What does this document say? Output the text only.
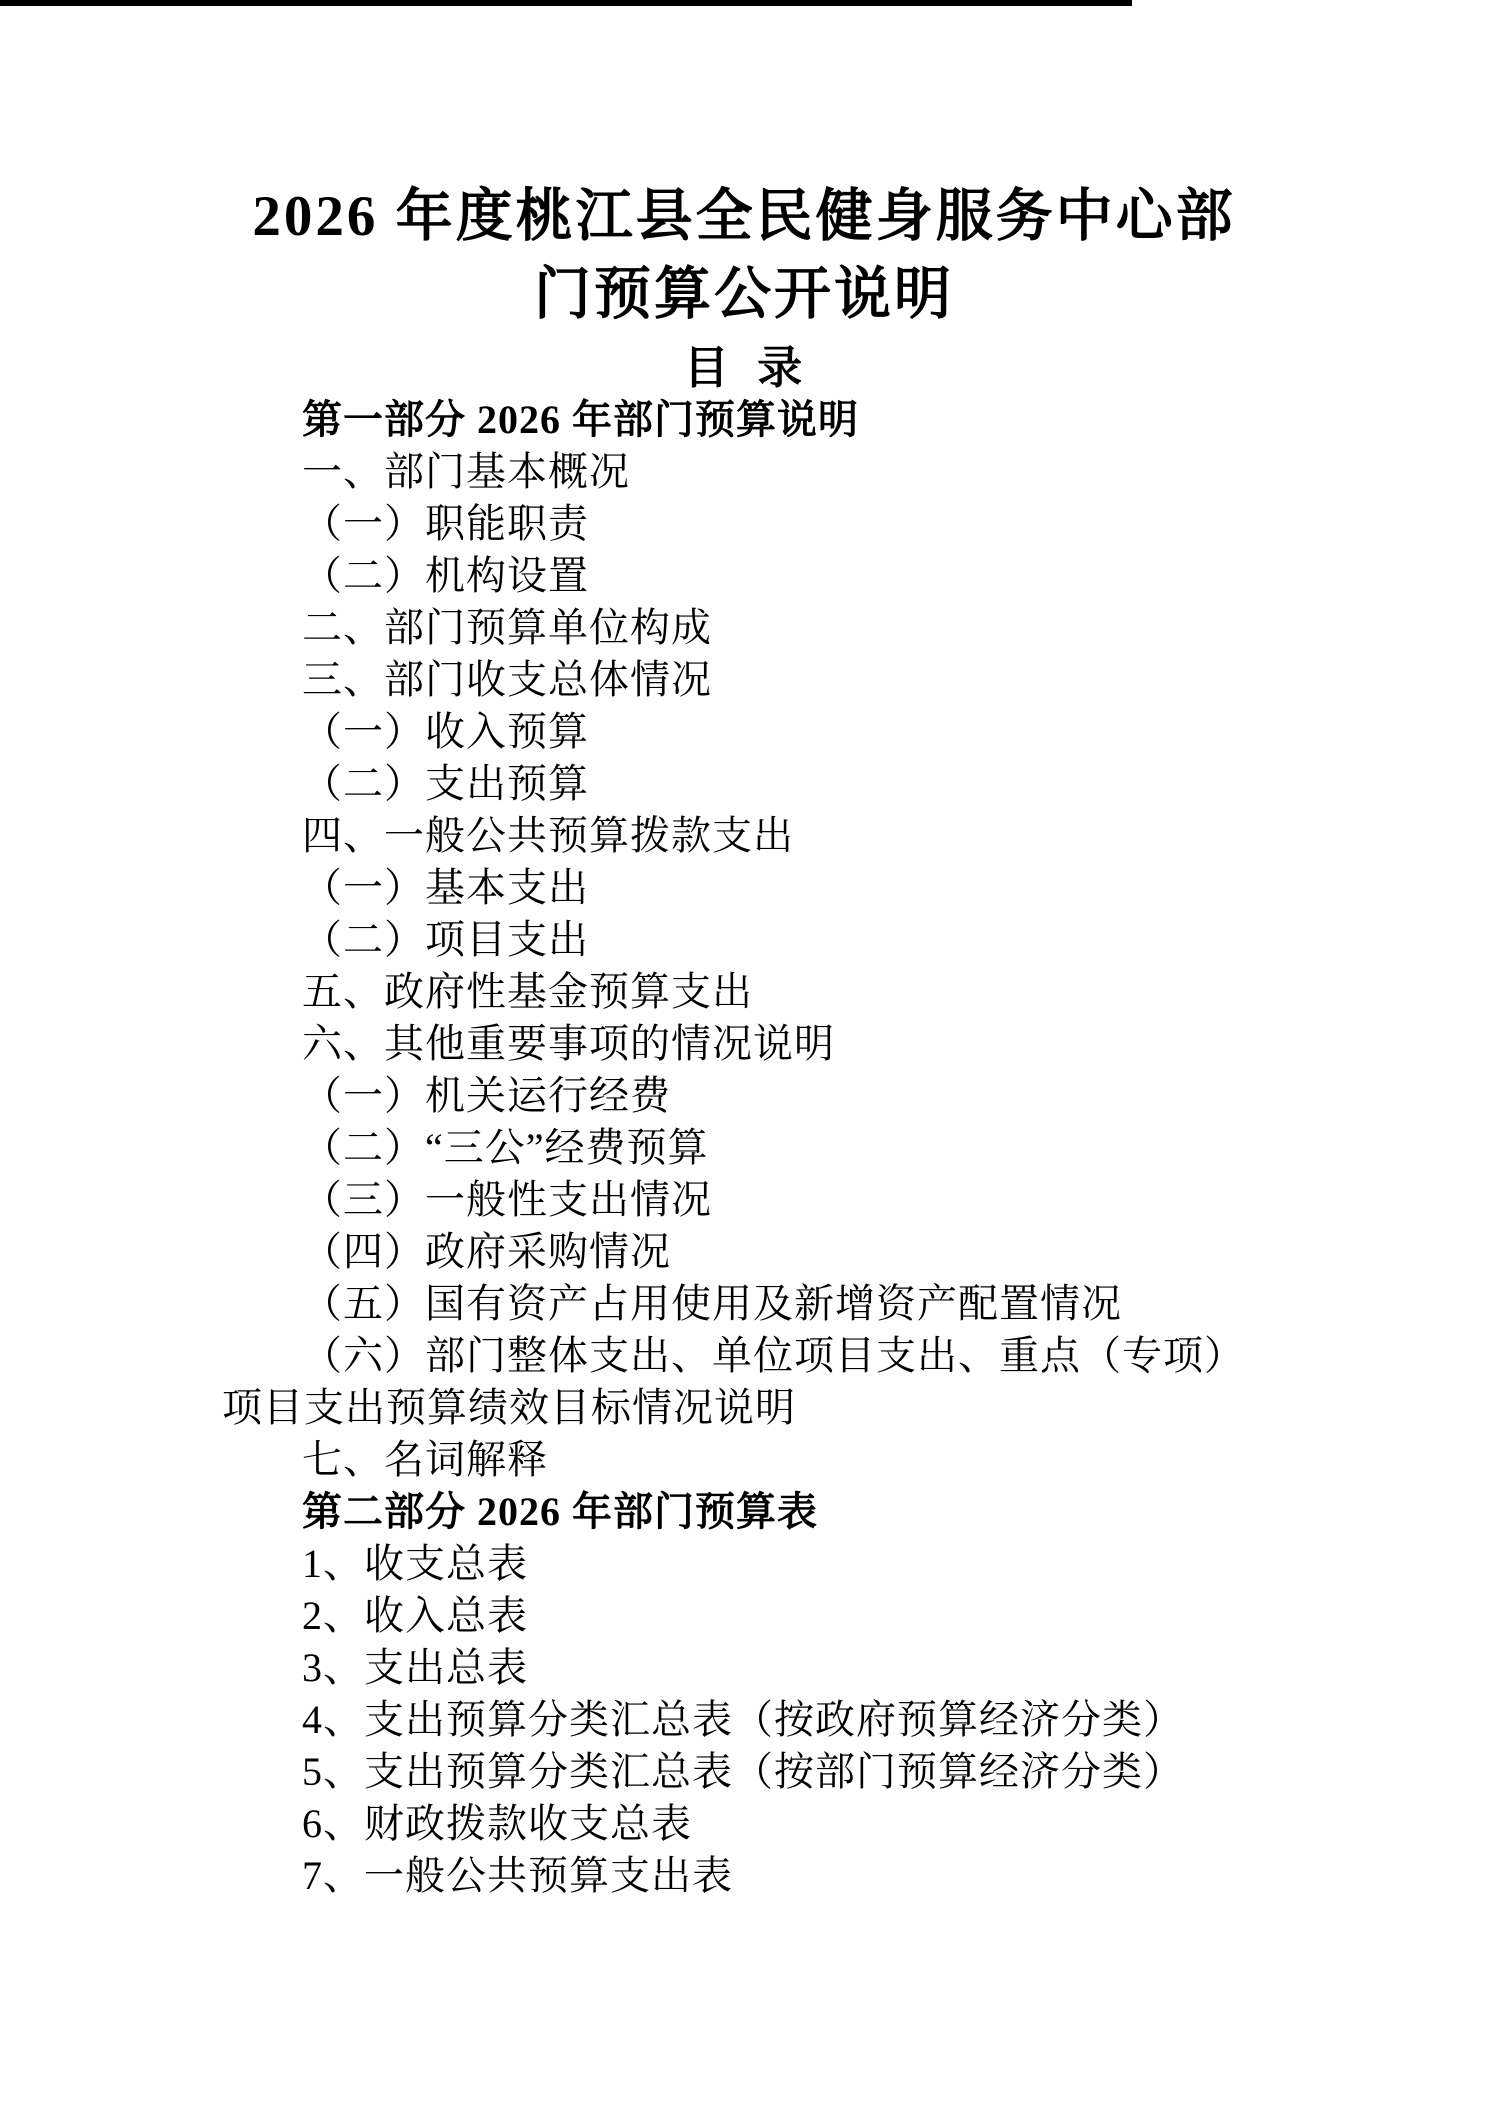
2026 年度桃江县全民健身服务中心部
门预算公开说明
目  录
第一部分 2026 年部门预算说明
一、部门基本概况
（一）职能职责
（二）机构设置
二、部门预算单位构成
三、部门收支总体情况
（一）收入预算
（二）支出预算
四、一般公共预算拨款支出
（一）基本支出
（二）项目支出
五、政府性基金预算支出
六、其他重要事项的情况说明
（一）机关运行经费
（二）“三公”经费预算
（三）一般性支出情况
（四）政府采购情况
（五）国有资产占用使用及新增资产配置情况
（六）部门整体支出、单位项目支出、重点（专项）
项目支出预算绩效目标情况说明
七、名词解释
第二部分 2026 年部门预算表
1、收支总表
2、收入总表
3、支出总表
4、支出预算分类汇总表（按政府预算经济分类）
5、支出预算分类汇总表（按部门预算经济分类）
6、财政拨款收支总表
7、一般公共预算支出表
